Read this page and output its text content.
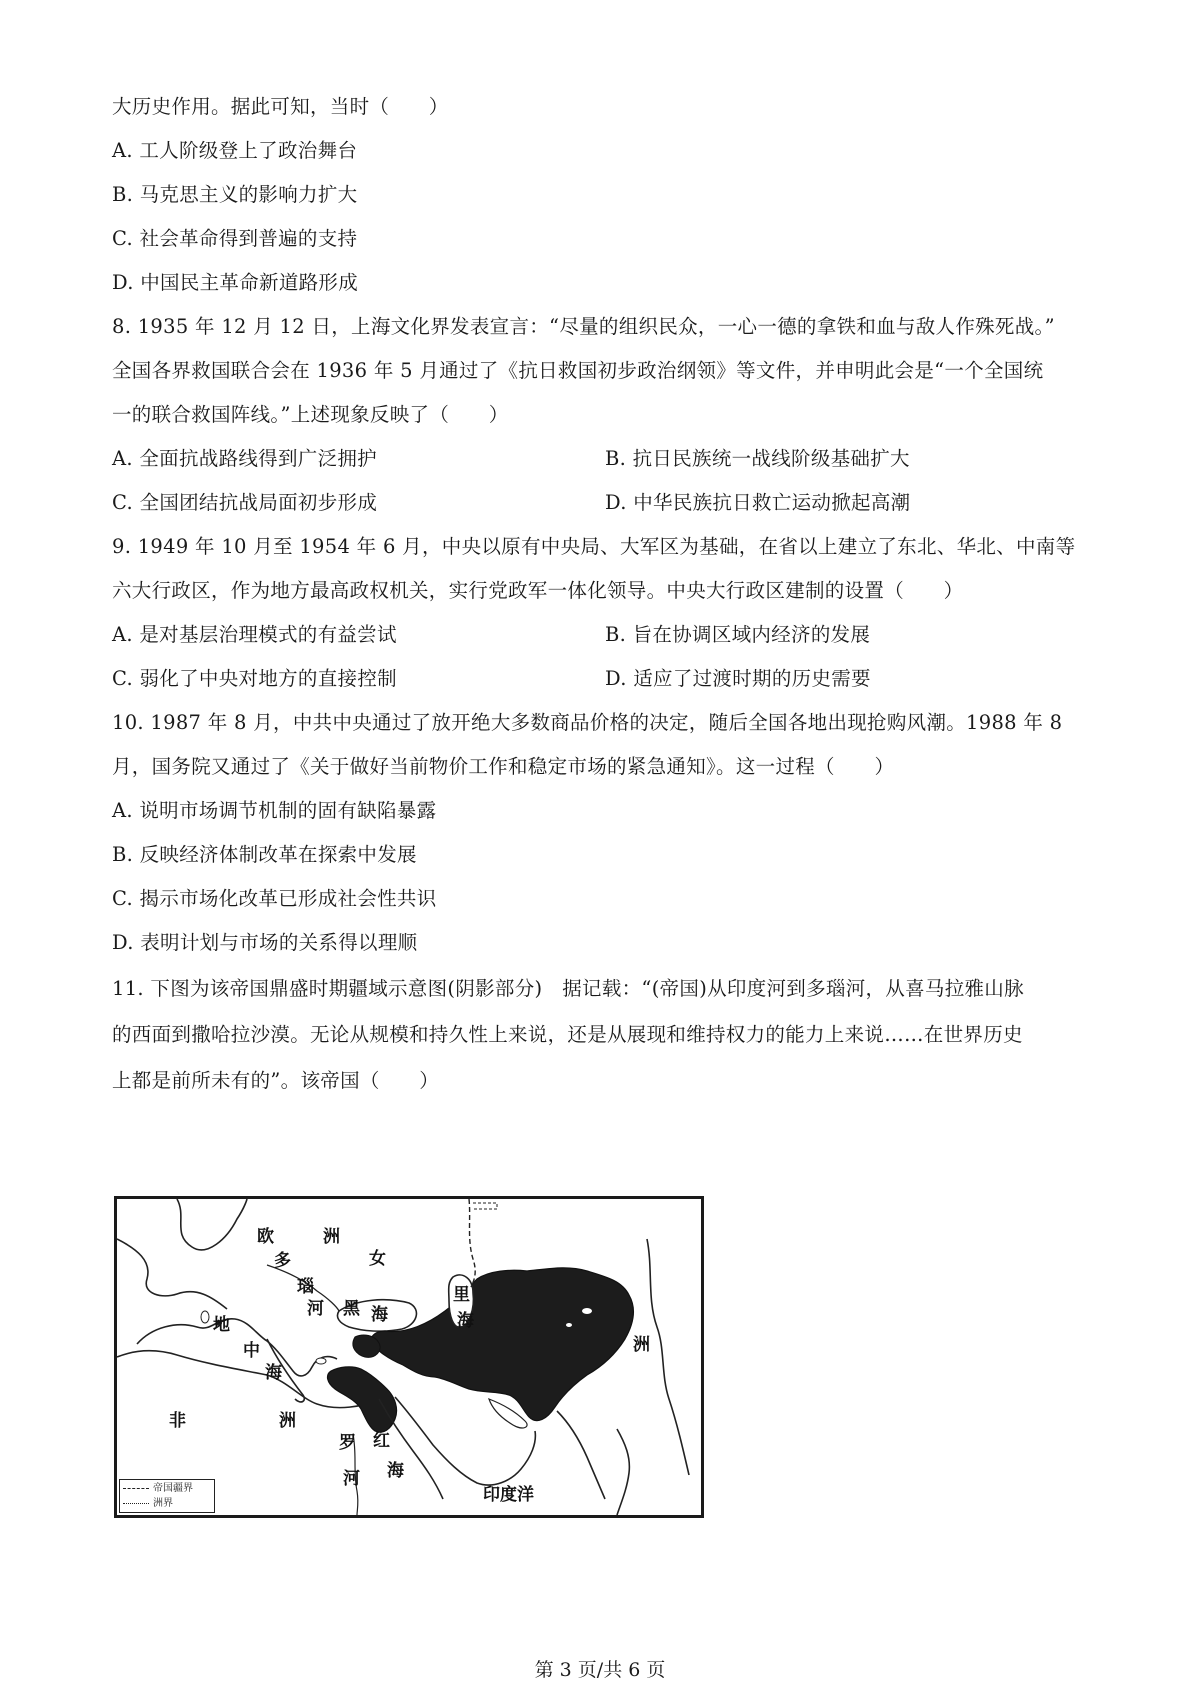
大历史作用。据此可知，当时（　　）
A. 工人阶级登上了政治舞台
B. 马克思主义的影响力扩大
C. 社会革命得到普遍的支持
D. 中国民主革命新道路形成
8. 1935 年 12 月 12 日，上海文化界发表宣言：“尽量的组织民众，一心一德的拿铁和血与敌人作殊死战。”
全国各界救国联合会在 1936 年 5 月通过了《抗日救国初步政治纲领》等文件，并申明此会是“一个全国统
一的联合救国阵线。”上述现象反映了（　　）
A. 全面抗战路线得到广泛拥护	B. 抗日民族统一战线阶级基础扩大
C. 全国团结抗战局面初步形成	D. 中华民族抗日救亡运动掀起高潮
9. 1949 年 10 月至 1954 年 6 月，中央以原有中央局、大军区为基础，在省以上建立了东北、华北、中南等
六大行政区，作为地方最高政权机关，实行党政军一体化领导。中央大行政区建制的设置（　　）
A. 是对基层治理模式的有益尝试	B. 旨在协调区域内经济的发展
C. 弱化了中央对地方的直接控制	D. 适应了过渡时期的历史需要
10. 1987 年 8 月，中共中央通过了放开绝大多数商品价格的决定，随后全国各地出现抢购风潮。1988 年 8
月，国务院又通过了《关于做好当前物价工作和稳定市场的紧急通知》。这一过程（　　）
A. 说明市场调节机制的固有缺陷暴露
B. 反映经济体制改革在探索中发展
C. 揭示市场化改革已形成社会性共识
D. 表明计划与市场的关系得以理顺
11. 下图为该帝国鼎盛时期疆域示意图(阴影部分)　据记载：“(帝国)从印度河到多瑙河，从喜马拉雅山脉
的西面到撒哈拉沙漠。无论从规模和持久性上来说，还是从展现和维持权力的能力上来说……在世界历史
上都是前所未有的”。该帝国（　　）
欧	洲
多
瑙
河
女
黑 海
里
海
地
中
海
洲
非	洲
罗
河
红
海
印度洋
帝国疆界
洲界
第 3 页/共 6 页
